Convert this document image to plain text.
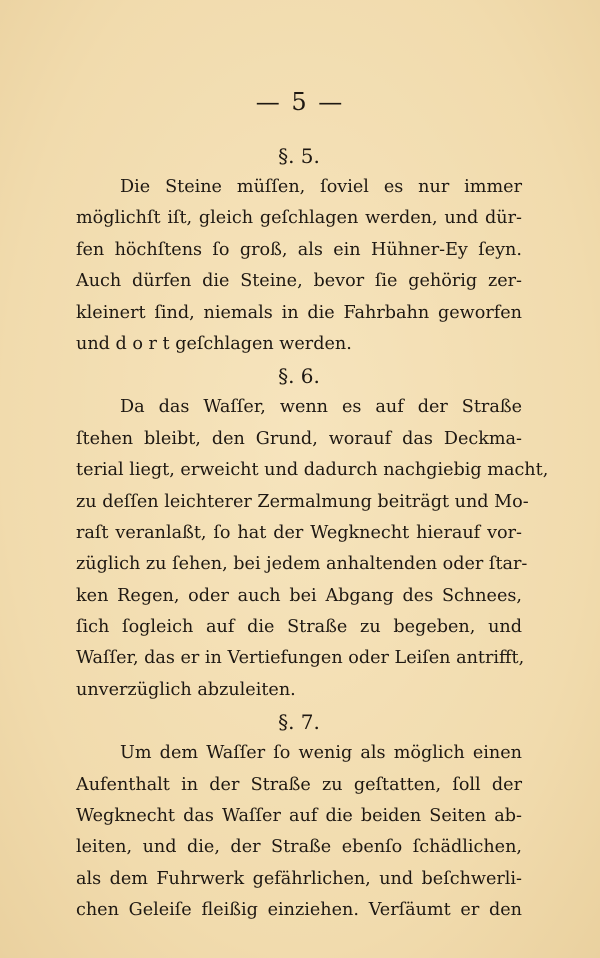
— 5 —
§. 5.
Die Steine müſſen, ſoviel es nur immer
möglichſt iſt, gleich geſchlagen werden, und dür-
fen höchſtens ſo groß, als ein Hühner-Ey ſeyn.
Auch dürfen die Steine, bevor ſie gehörig zer-
kleinert ſind, niemals in die Fahrbahn geworfen
und d o r t geſchlagen werden.
§. 6.
Da das Waſſer, wenn es auf der Straße
ſtehen bleibt, den Grund, worauf das Deckma-
terial liegt, erweicht und dadurch nachgiebig macht,
zu deſſen leichterer Zermalmung beiträgt und Mo-
raſt veranlaßt, ſo hat der Wegknecht hierauf vor-
züglich zu ſehen, bei jedem anhaltenden oder ſtar-
ken Regen, oder auch bei Abgang des Schnees,
ſich ſogleich auf die Straße zu begeben, und
Waſſer, das er in Vertiefungen oder Leiſen antrifft,
unverzüglich abzuleiten.
§. 7.
Um dem Waſſer ſo wenig als möglich einen
Aufenthalt in der Straße zu geſtatten, ſoll der
Wegknecht das Waſſer auf die beiden Seiten ab-
leiten, und die, der Straße ebenſo ſchädlichen,
als dem Fuhrwerk gefährlichen, und beſchwerli-
chen Geleiſe fleißig einziehen. Verſäumt er den
